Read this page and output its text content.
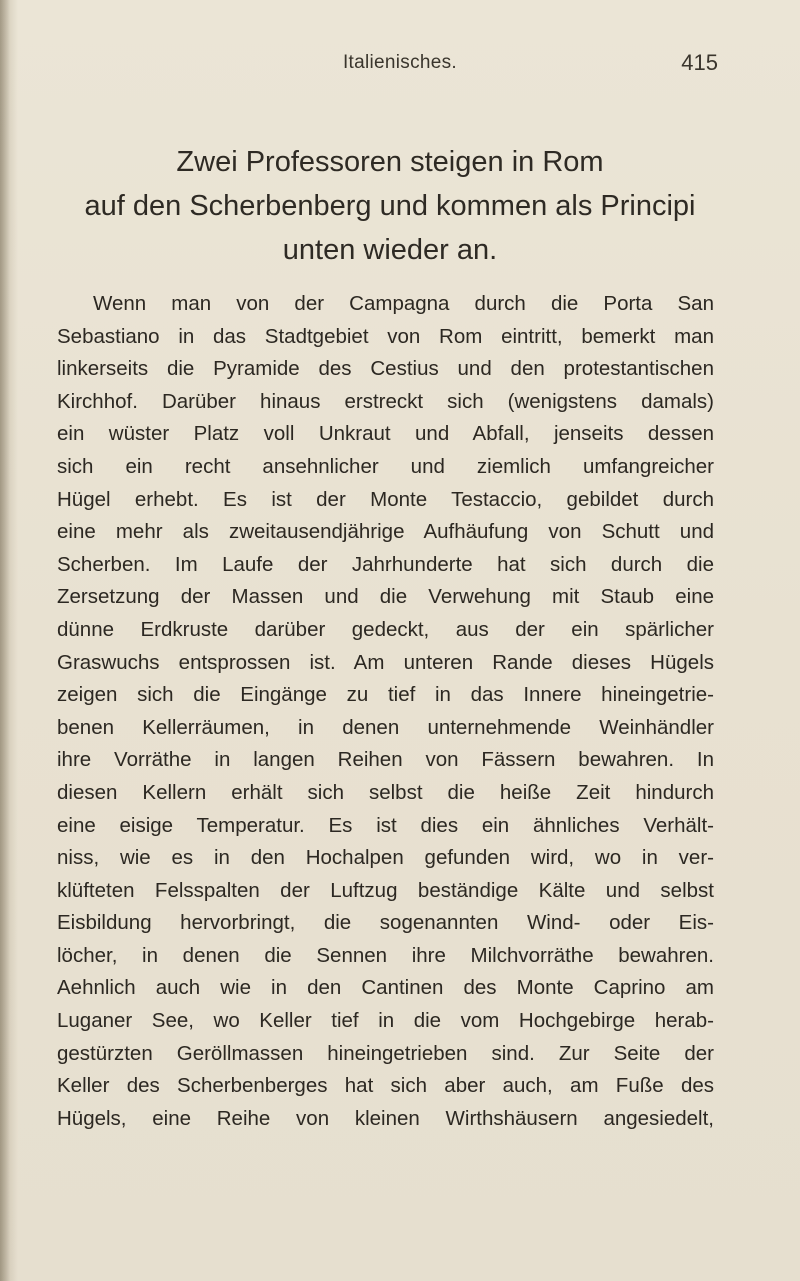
Italienisches.	415
Zwei Professoren steigen in Rom
auf den Scherbenberg und kommen als Principi
unten wieder an.
Wenn man von der Campagna durch die Porta San
Sebastiano in das Stadtgebiet von Rom eintritt, bemerkt man
linkerseits die Pyramide des Cestius und den protestantischen
Kirchhof. Darüber hinaus erstreckt sich (wenigstens damals)
ein wüster Platz voll Unkraut und Abfall, jenseits dessen
sich ein recht ansehnlicher und ziemlich umfangreicher
Hügel erhebt. Es ist der Monte Testaccio, gebildet durch
eine mehr als zweitausendjährige Aufhäufung von Schutt und
Scherben. Im Laufe der Jahrhunderte hat sich durch die
Zersetzung der Massen und die Verwehung mit Staub eine
dünne Erdkruste darüber gedeckt, aus der ein spärlicher
Graswuchs entsprossen ist. Am unteren Rande dieses Hügels
zeigen sich die Eingänge zu tief in das Innere hineingetrie-
benen Kellerräumen, in denen unternehmende Weinhändler
ihre Vorräthe in langen Reihen von Fässern bewahren. In
diesen Kellern erhält sich selbst die heiße Zeit hindurch
eine eisige Temperatur. Es ist dies ein ähnliches Verhält-
niss, wie es in den Hochalpen gefunden wird, wo in ver-
klüfteten Felsspalten der Luftzug beständige Kälte und selbst
Eisbildung hervorbringt, die sogenannten Wind- oder Eis-
löcher, in denen die Sennen ihre Milchvorräthe bewahren.
Aehnlich auch wie in den Cantinen des Monte Caprino am
Luganer See, wo Keller tief in die vom Hochgebirge herab-
gestürzten Geröllmassen hineingetrieben sind. Zur Seite der
Keller des Scherbenberges hat sich aber auch, am Fuße des
Hügels, eine Reihe von kleinen Wirthshäusern angesiedelt,
